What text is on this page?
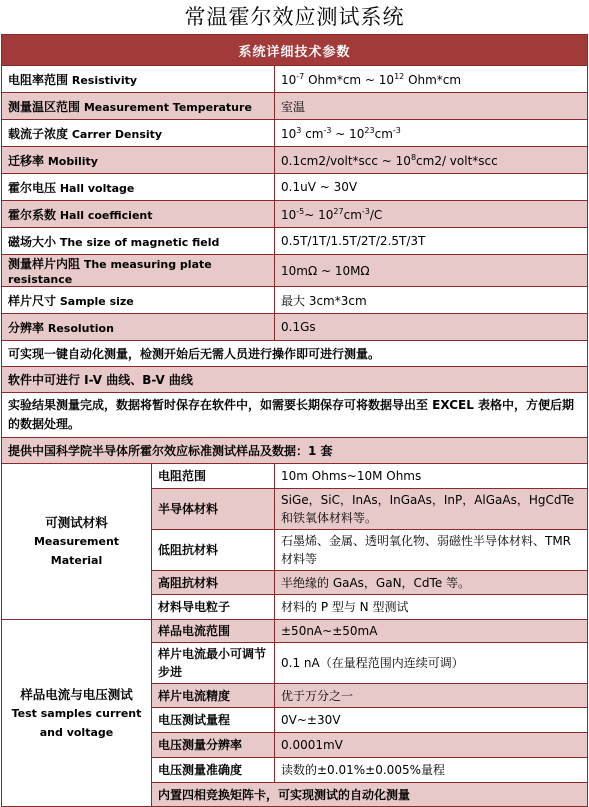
常温霍尔效应测试系统
系统详细技术参数		
电阻率范围 Resistivity		$10^{-7}$ Ohm*cm ~ $10^{12}$ Ohm*cm
测量温区范围 Measurement Temperature		室温
载流子浓度 Carrer Density		$10^3$ $cm^{-3}$ ~ $10^{23}cm^{-3}$
迁移率 Mobility		0.1cm2/volt*scc ~ $10^8cm2/$ volt*scc
霍尔电压 Hall voltage		0.1uV ~ 30V
霍尔系数 Hall coefficient		$10^{-5}\sim$ $10^{27}cm^{-3}/C$
磁场大小 The size of magnetic field		0.5T/1T/1.5T/2T/2.5T/3T
测量样片内阻 The measuring plate resistance		10mΩ ~ 10MΩ
样片尺寸 Sample size		最大 3cm*3cm
分辨率 Resolution		0.1Gs
可实现一键自动化测量，检测开始后无需人员进行操作即可进行测量。		
软件中可进行 I-V 曲线、B-V 曲线		
实验结果测量完成，数据将暂时保存在软件中，如需要长期保存可将数据导出至 EXCEL 表格中，方便后期的数据处理。		
提供中国科学院半导体所霍尔效应标准测试样品及数据：1 套		

可测试材料
Measurement Material	电阻范围	10m Ohms~10M Ohms
	半导体材料	SiGe，SiC，InAs，InGaAs，InP，AlGaAs，HgCdTe 和铁氧体材料等。
	低阻抗材料	石墨烯、金属、透明氧化物、弱磁性半导体材料、TMR 材料等
	高阻抗材料	半绝缘的 GaAs，GaN，CdTe 等。
	材料导电粒子	材料的 P 型与 N 型测试

样品电流与电压测试
Test samples current and voltage	样品电流范围	±50nA~±50mA
	样片电流最小可调节步进	0.1 nA（在量程范围内连续可调）
	样片电流精度	优于万分之一
	电压测试量程	0V~±30V
	电压测量分辨率	0.0001mV
	电压测量准确度	读数的±0.01%±0.005%量程
	内置四相竞换矩阵卡，可实现测试的自动化测量	
